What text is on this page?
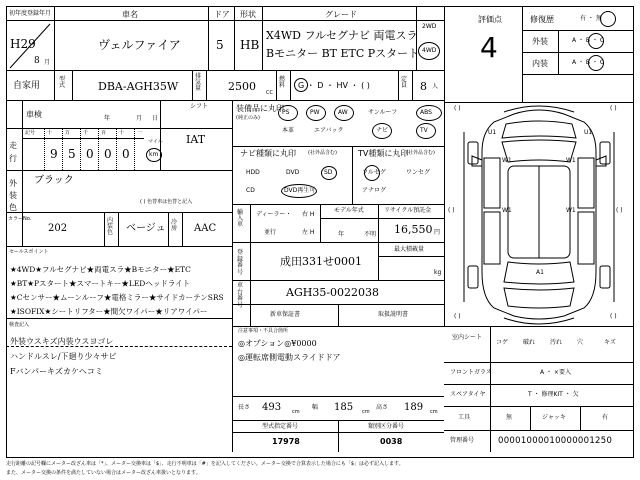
初年度登録年月	車名	ドア 形状	グレード
H29
8 月
ヴェルファイア	5 HB
X4WD フルセグナビ 両電スラ
Bモニター BT ETC Pスタート
2WD
4WD
自家用
型式	DBA-AGH35W
排気量 2500 CC
燃料 G ・ D ・ HV ・ ( )
定員 8 人
評価点
4
修復歴	有 ・ 無
外装	A ・ B ・ C
内装	A ・ B ・ C
車検	年	月 日
シフト
IAT
走行
記号 十	万	千	百	十	一
9 5 0 0 0
マイル
km
外装色
ブラック
( ) 色替車は色替と記入
カラーNo.
202
内装色 ベージュ
冷房 AAC
セールスポイント
★4WD★フルセグナビ★両電スラ★Bモニター★ETC
★BT★Pスタート★スマートキー★LEDヘッドライト
★Cセンサー★ムーンルーフ★電格ミラー★サイドカーテンSRS
★ISOFIX★シートリフター★間欠ワイパー★リアワイパー
検査記入
外装ウスキズ内装ウスヨゴレ
ハンドルスレ/下廻り少々サビ
Fバンパーキズカケヘコミ
装備品に丸印
(純正のみ)
PS	PW	AW	サンルーフ	ABS
本革	エアバック	ナビ	TV
ナビ種類に丸印 (社外品含む)	TV種類に丸印
(社外品含む)
HDD	DVD	SD
CD	DVD再生可
フルセグ	ワンセグ
アナログ
輸入車
ディーラー・
並行
右 H
左 H
モデル年式
年	不明
リサイクル預託金
16,550 円
最大積載量
kg
登録番号
成田331せ0001
車台番号
AGH35-0022038
新車保証書	取扱説明書
注意事項・不具合箇所
◎オプション◎¥0000
◎運転席側電動スライドドア
長さ 493 cm
幅 185 cm
高さ 189 cm
型式指定番号	類別区分番号
17978	0038
U1	U1
W1	W1
W1	W1
A1
( )	( )
( )	( )
( )	( )
室内シート
コゲ 破れ 汚れ 穴	キズ
フロントガラス	A ・ ×要入
スペアタイヤ	T ・ 修理KIT ・ 欠
工具	無	ジャッキ	有
管理番号	00001000010000001250
走行距離の記号欄にメーター改ざん車は「*」、メーター交換車は「$」、走行不明車は「#」を記入してください。メーター交換で合算表示した場合にも「$」は必ず記入します。
また、メーター交換の条件を満たしていない場合はメーター改ざん車扱いとなります。
